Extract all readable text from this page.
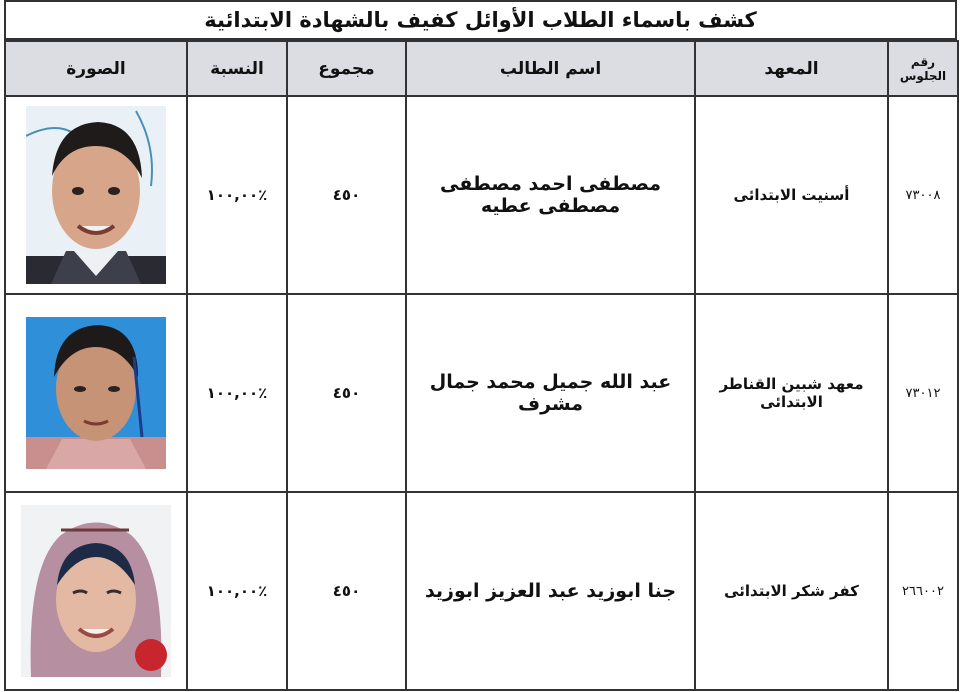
كشف باسماء الطلاب الأوائل كفيف بالشهادة الابتدائية
رقم الجلوس	المعهد	اسم الطالب	مجموع	النسبة	الصورة
٧٣٠٠٨	أسنيت الابتدائى	مصطفى احمد مصطفى مصطفى عطيه	٤٥٠	٪١٠٠,٠٠	

٧٣٠١٢	معهد شبين القناطر الابتدائى	عبد الله جميل محمد جمال مشرف	٤٥٠	٪١٠٠,٠٠	

٢٦٦٠٠٢	كفر شكر الابتدائى	جنا ابوزيد عبد العزيز ابوزيد	٤٥٠	٪١٠٠,٠٠	
